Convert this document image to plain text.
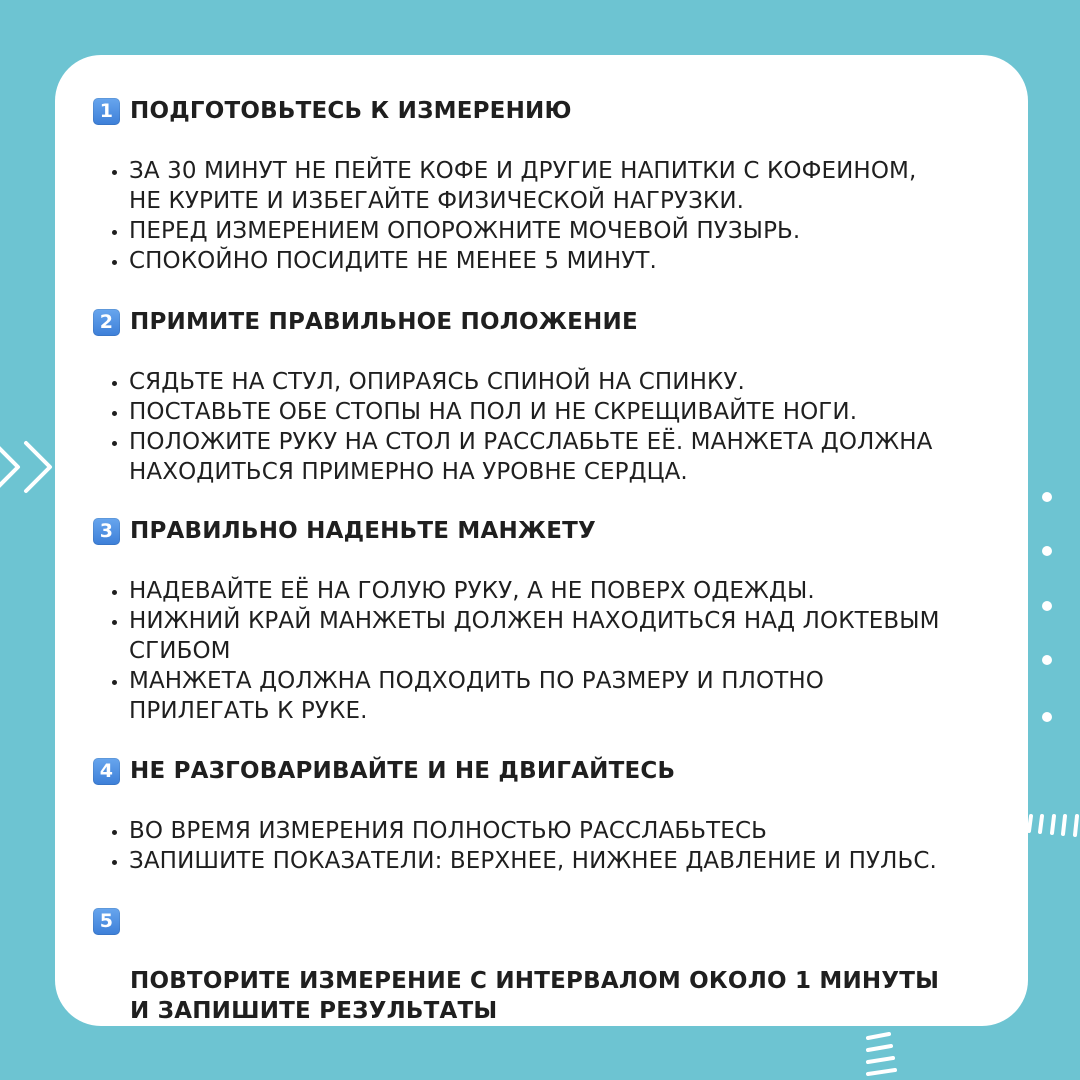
1 ПОДГОТОВЬТЕСЬ К ИЗМЕРЕНИЮ
ЗА 30 МИНУТ НЕ ПЕЙТЕ КОФЕ И ДРУГИЕ НАПИТКИ С КОФЕИНОМ,
НЕ КУРИТЕ И ИЗБЕГАЙТЕ ФИЗИЧЕСКОЙ НАГРУЗКИ.
ПЕРЕД ИЗМЕРЕНИЕМ ОПОРОЖНИТЕ МОЧЕВОЙ ПУЗЫРЬ.
СПОКОЙНО ПОСИДИТЕ НЕ МЕНЕЕ 5 МИНУТ.
2 ПРИМИТЕ ПРАВИЛЬНОЕ ПОЛОЖЕНИЕ
СЯДЬТЕ НА СТУЛ, ОПИРАЯСЬ СПИНОЙ НА СПИНКУ.
ПОСТАВЬТЕ ОБЕ СТОПЫ НА ПОЛ И НЕ СКРЕЩИВАЙТЕ НОГИ.
ПОЛОЖИТЕ РУКУ НА СТОЛ И РАССЛАБЬТЕ ЕЁ. МАНЖЕТА ДОЛЖНА
НАХОДИТЬСЯ ПРИМЕРНО НА УРОВНЕ СЕРДЦА.
3 ПРАВИЛЬНО НАДЕНЬТЕ МАНЖЕТУ
НАДЕВАЙТЕ ЕЁ НА ГОЛУЮ РУКУ, А НЕ ПОВЕРХ ОДЕЖДЫ.
НИЖНИЙ КРАЙ МАНЖЕТЫ ДОЛЖЕН НАХОДИТЬСЯ НАД ЛОКТЕВЫМ
СГИБОМ
МАНЖЕТА ДОЛЖНА ПОДХОДИТЬ ПО РАЗМЕРУ И ПЛОТНО
ПРИЛЕГАТЬ К РУКЕ.
4 НЕ РАЗГОВАРИВАЙТЕ И НЕ ДВИГАЙТЕСЬ
ВО ВРЕМЯ ИЗМЕРЕНИЯ ПОЛНОСТЬЮ РАССЛАБЬТЕСЬ
ЗАПИШИТЕ ПОКАЗАТЕЛИ: ВЕРХНЕЕ, НИЖНЕЕ ДАВЛЕНИЕ И ПУЛЬС.

5

ПОВТОРИТЕ ИЗМЕРЕНИЕ С ИНТЕРВАЛОМ ОКОЛО 1 МИНУТЫ
И ЗАПИШИТЕ РЕЗУЛЬТАТЫ
